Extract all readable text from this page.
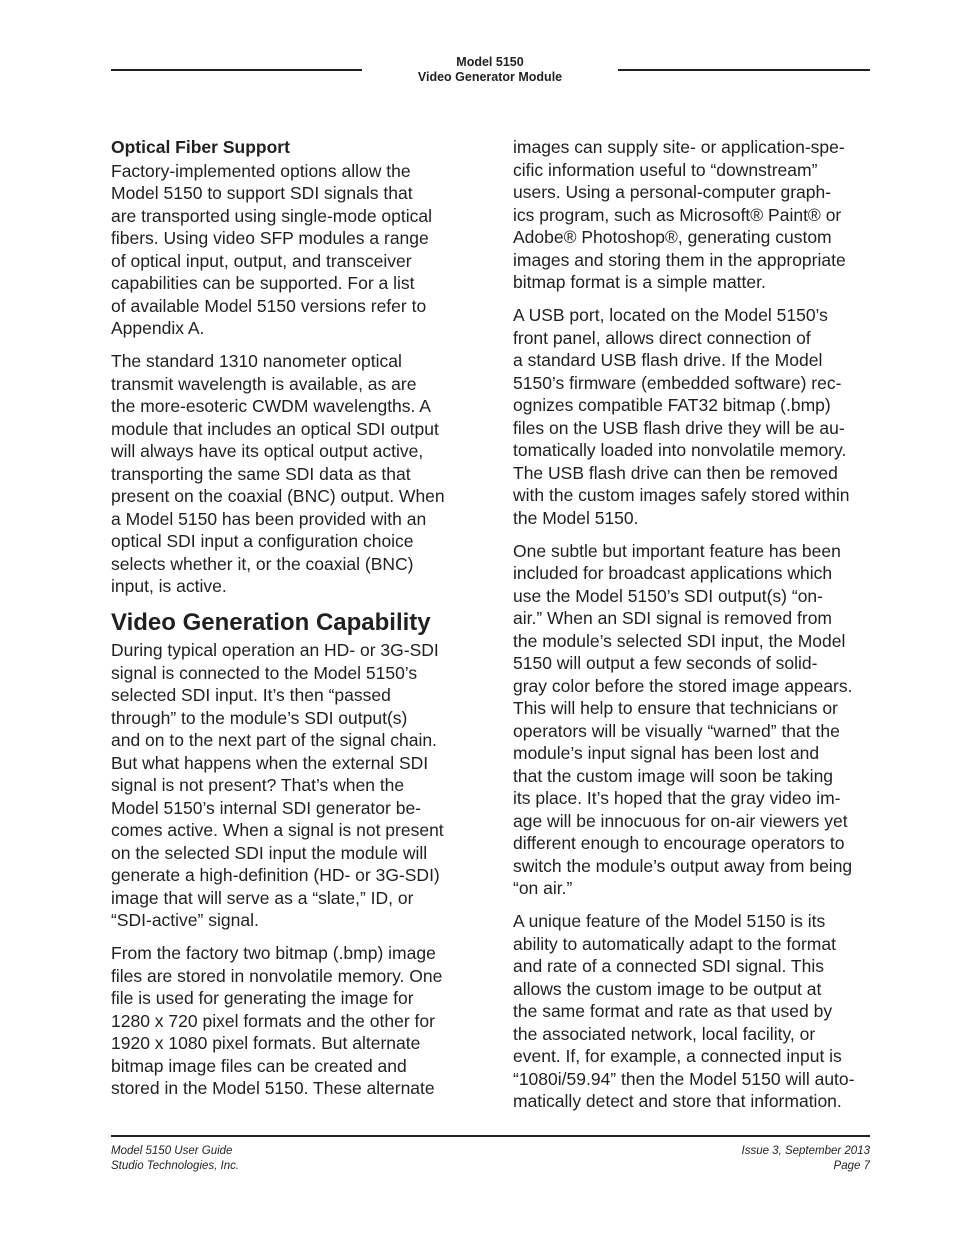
Model 5150
Video Generator Module
Optical Fiber Support

Factory-implemented options allow the
Model 5150 to support SDI signals that
are transported using single-mode optical
fibers. Using video SFP modules a range
of optical input, output, and transceiver
capabilities can be supported. For a list
of available Model 5150 versions refer to
Appendix A.

The standard 1310 nanometer optical
transmit wavelength is available, as are
the more-esoteric CWDM wavelengths. A
module that includes an optical SDI output
will always have its optical output active,
transporting the same SDI data as that
present on the coaxial (BNC) output. When
a Model 5150 has been provided with an
optical SDI input a configuration choice
selects whether it, or the coaxial (BNC)
input, is active.

Video Generation Capability

During typical operation an HD- or 3G-SDI
signal is connected to the Model 5150’s
selected SDI input. It’s then “passed
through” to the module’s SDI output(s)
and on to the next part of the signal chain.
But what happens when the external SDI
signal is not present? That’s when the
Model 5150’s internal SDI generator be-
comes active. When a signal is not present
on the selected SDI input the module will
generate a high-definition (HD- or 3G-SDI)
image that will serve as a “slate,” ID, or
“SDI-active” signal.

From the factory two bitmap (.bmp) image
files are stored in nonvolatile memory. One
file is used for generating the image for
1280 x 720 pixel formats and the other for
1920 x 1080 pixel formats. But alternate
bitmap image files can be created and
stored in the Model 5150. These alternate

images can supply site- or application-spe-
cific information useful to “downstream”
users. Using a personal-computer graph-
ics program, such as Microsoft® Paint® or
Adobe® Photoshop®, generating custom
images and storing them in the appropriate
bitmap format is a simple matter.

A USB port, located on the Model 5150’s
front panel, allows direct connection of
a standard USB flash drive. If the Model
5150’s firmware (embedded software) rec-
ognizes compatible FAT32 bitmap (.bmp)
files on the USB flash drive they will be au-
tomatically loaded into nonvolatile memory.
The USB flash drive can then be removed
with the custom images safely stored within
the Model 5150.

One subtle but important feature has been
included for broadcast applications which
use the Model 5150’s SDI output(s) “on-
air.” When an SDI signal is removed from
the module’s selected SDI input, the Model
5150 will output a few seconds of solid-
gray color before the stored image appears.
This will help to ensure that technicians or
operators will be visually “warned” that the
module’s input signal has been lost and
that the custom image will soon be taking
its place. It’s hoped that the gray video im-
age will be innocuous for on-air viewers yet
different enough to encourage operators to
switch the module’s output away from being
“on air.”

A unique feature of the Model 5150 is its
ability to automatically adapt to the format
and rate of a connected SDI signal. This
allows the custom image to be output at
the same format and rate as that used by
the associated network, local facility, or
event. If, for example, a connected input is
“1080i/59.94” then the Model 5150 will auto-
matically detect and store that information.

Model 5150 User Guide
Studio Technologies, Inc.
Issue 3, September 2013
Page 7
